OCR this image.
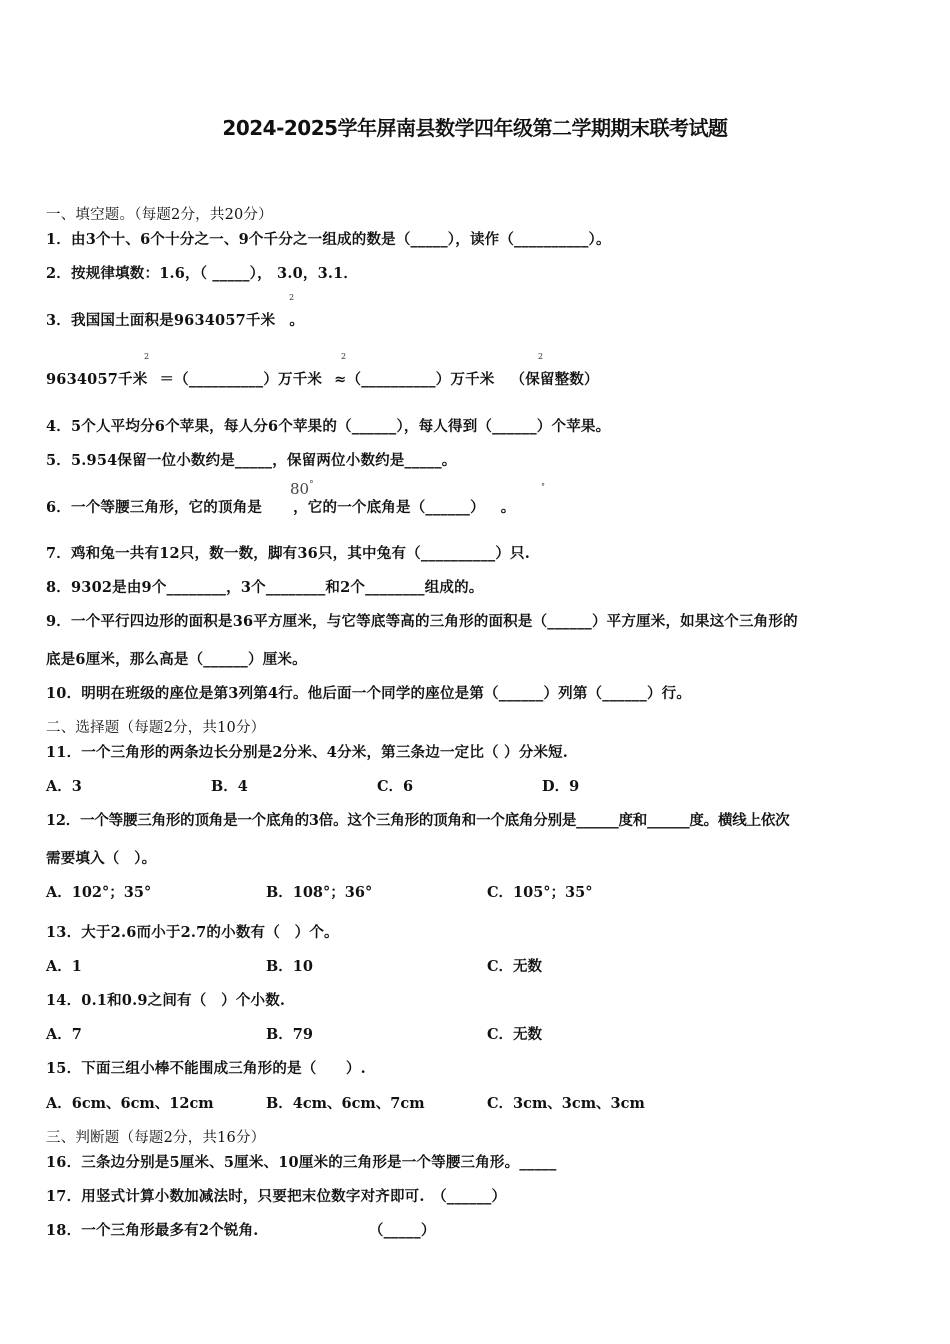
2024-2025学年屏南县数学四年级第二学期期末联考试题
一、填空题。（每题2分，共20分）
1．由3个十、6个十分之一、9个千分之一组成的数是（_____），读作（__________）。
2．按规律填数：1.6，（ _____）， 3.0，3.1．
3．我国国土面积是9634057千米 。
2
9634057千米 ＝（__________）万千米 ≈（__________）万千米 （保留整数）
2	2	2
4．5个人平均分6个苹果，每人分6个苹果的（______），每人得到（______）个苹果。
5．5.954保留一位小数约是_____，保留两位小数约是_____。
6．一个等腰三角形，它的顶角是 ，它的一个底角是（______） 。
80°	°
7．鸡和兔一共有12只，数一数，脚有36只，其中兔有（__________）只.
8．9302是由9个________，3个________和2个________组成的。
9．一个平行四边形的面积是36平方厘米，与它等底等高的三角形的面积是（______）平方厘米，如果这个三角形的
底是6厘米，那么高是（______）厘米。
10．明明在班级的座位是第3列第4行。他后面一个同学的座位是第（______）列第（______）行。
二、选择题（每题2分，共10分）
11．一个三角形的两条边长分别是2分米、4分米，第三条边一定比（ ）分米短.
A．3	B．4	C．6	D．9
12．一个等腰三角形的顶角是一个底角的3倍。这个三角形的顶角和一个底角分别是______度和______度。横线上依次
需要填入（　）。
A．102°；35°	B．108°；36°	C．105°；35°
13．大于2.6而小于2.7的小数有（　）个。
A．1	B．10	C．无数
14．0.1和0.9之间有（　）个小数.
A．7	B．79	C．无数
15．下面三组小棒不能围成三角形的是（　　）.
A．6cm、6cm、12cm	B．4cm、6cm、7cm	C．3cm、3cm、3cm
三、判断题（每题2分，共16分）
16．三条边分别是5厘米、5厘米、10厘米的三角形是一个等腰三角形。_____
17．用竖式计算小数加减法时，只要把末位数字对齐即可.　（______）
18．一个三角形最多有2个锐角.　　　　　　　　（_____）
